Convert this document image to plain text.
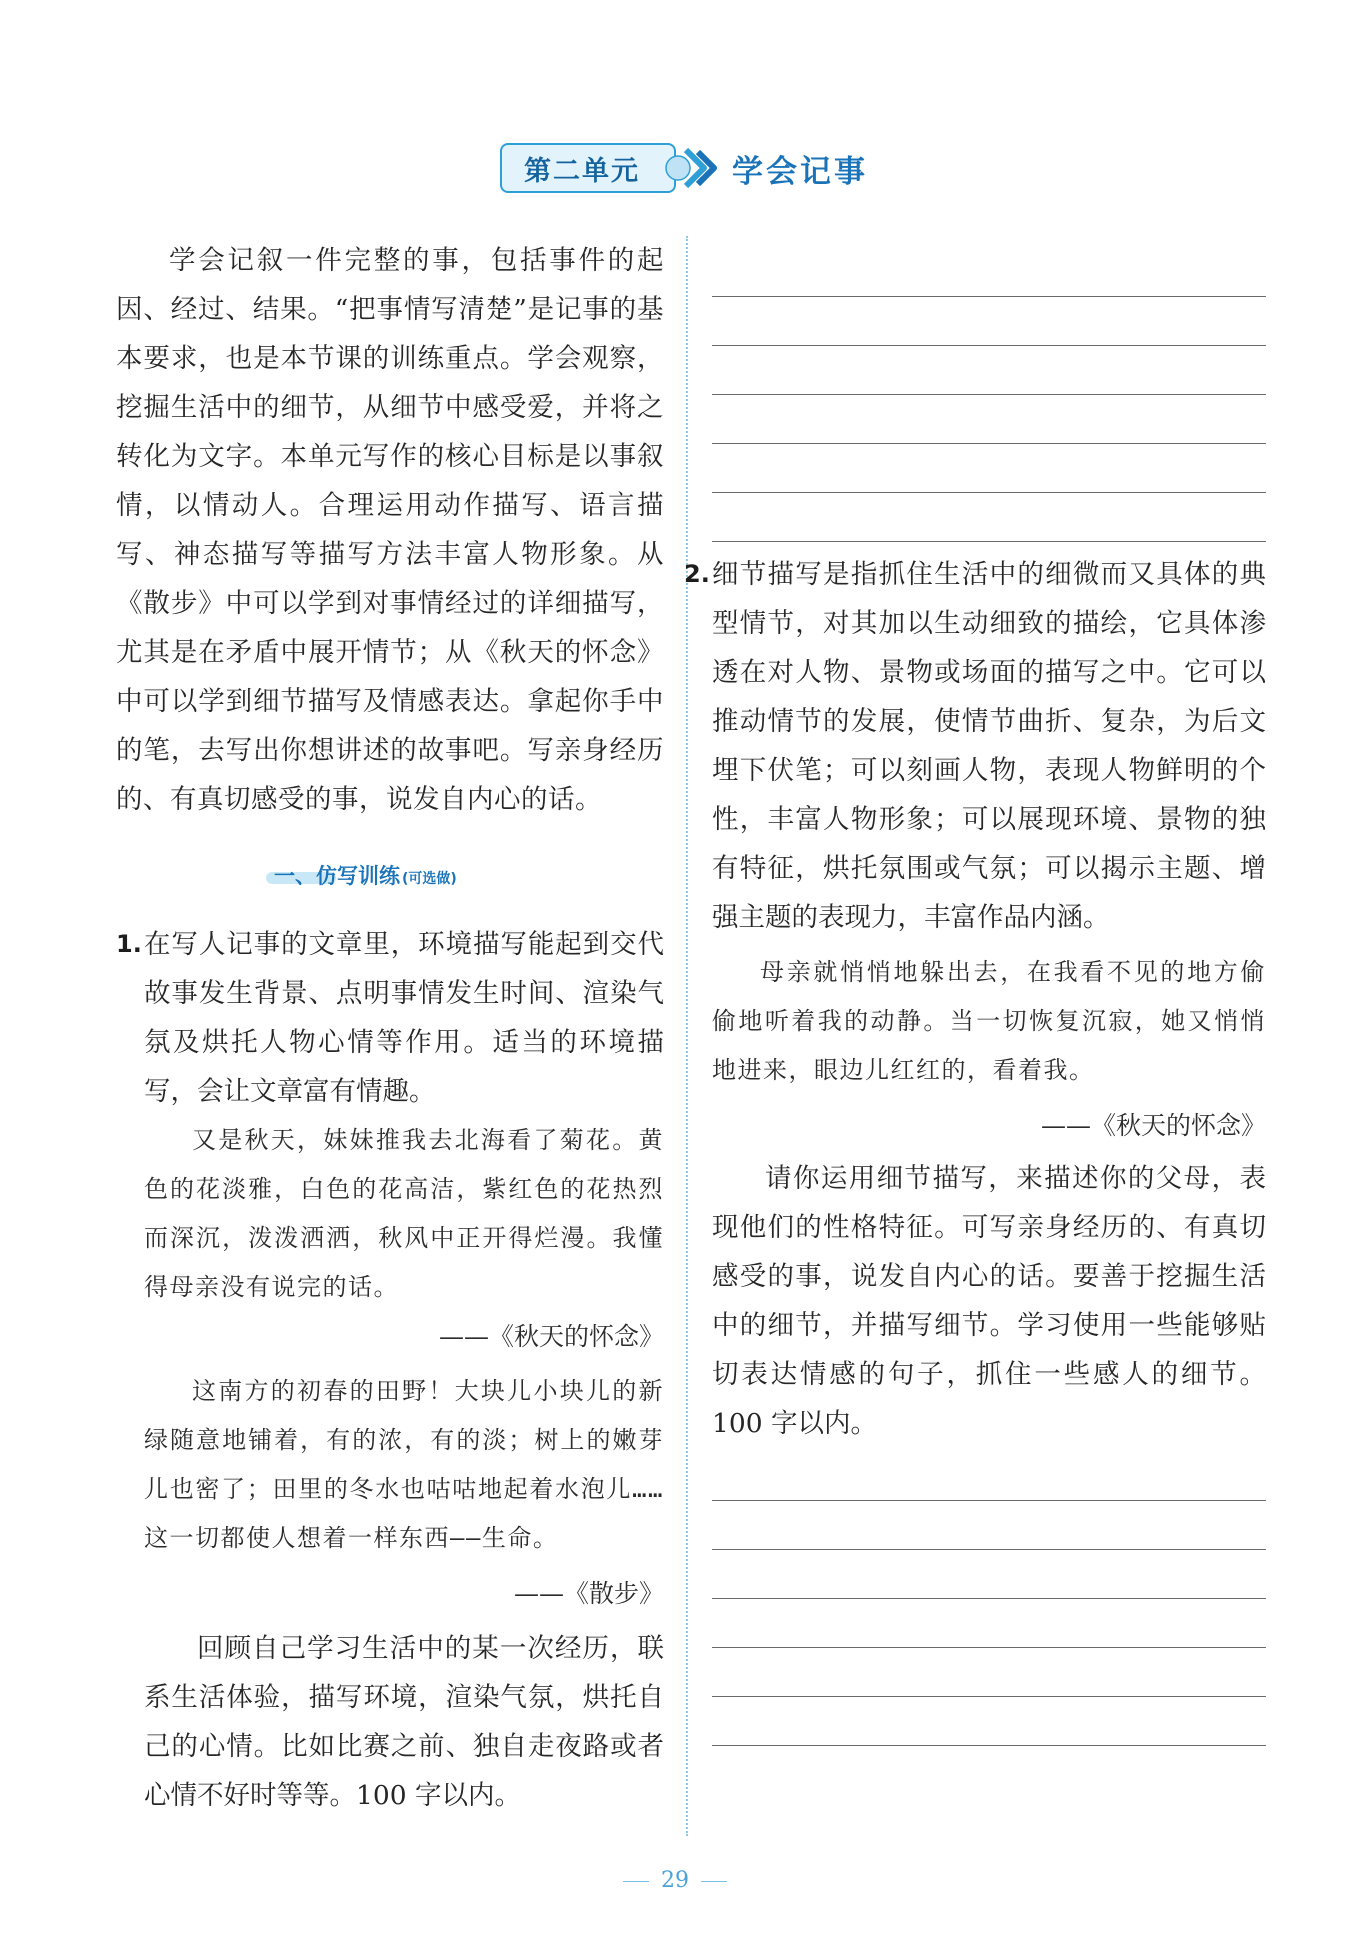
第二单元	学会记事

学会记叙一件完整的事，包括事件的起因、经过、结果。“把事情写清楚”是记事的基本要求，也是本节课的训练重点。学会观察，挖掘生活中的细节，从细节中感受爱，并将之转化为文字。本单元写作的核心目标是以事叙情，以情动人。合理运用动作描写、语言描写、神态描写等描写方法丰富人物形象。从《散步》中可以学到对事情经过的详细描写，尤其是在矛盾中展开情节；从《秋天的怀念》中可以学到细节描写及情感表达。拿起你手中的笔，去写出你想讲述的故事吧。写亲身经历的、有真切感受的事，说发自内心的话。

一、仿写训练 (可选做)
1. 在写人记事的文章里，环境描写能起到交代故事发生背景、点明事情发生时间、渲染气氛及烘托人物心情等作用。适当的环境描写，会让文章富有情趣。

又是秋天，妹妹推我去北海看了菊花。黄色的花淡雅，白色的花高洁，紫红色的花热烈而深沉，泼泼洒洒，秋风中正开得烂漫。我懂得母亲没有说完的话。

——《秋天的怀念》

这南方的初春的田野！大块儿小块儿的新绿随意地铺着，有的浓，有的淡；树上的嫩芽儿也密了；田里的冬水也咕咕地起着水泡儿……这一切都使人想着一样东西——生命。

——《散步》

回顾自己学习生活中的某一次经历，联系生活体验，描写环境，渲染气氛，烘托自己的心情。比如比赛之前、独自走夜路或者心情不好时等等。100 字以内。

2. 细节描写是指抓住生活中的细微而又具体的典型情节，对其加以生动细致的描绘，它具体渗透在对人物、景物或场面的描写之中。它可以推动情节的发展，使情节曲折、复杂，为后文埋下伏笔；可以刻画人物，表现人物鲜明的个性，丰富人物形象；可以展现环境、景物的独有特征，烘托氛围或气氛；可以揭示主题、增强主题的表现力，丰富作品内涵。

母亲就悄悄地躲出去，在我看不见的地方偷偷地听着我的动静。当一切恢复沉寂，她又悄悄地进来，眼边儿红红的，看着我。

——《秋天的怀念》

请你运用细节描写，来描述你的父母，表现他们的性格特征。可写亲身经历的、有真切感受的事，说发自内心的话。要善于挖掘生活中的细节，并描写细节。学习使用一些能够贴切表达情感的句子，抓住一些感人的细节。100 字以内。

29
